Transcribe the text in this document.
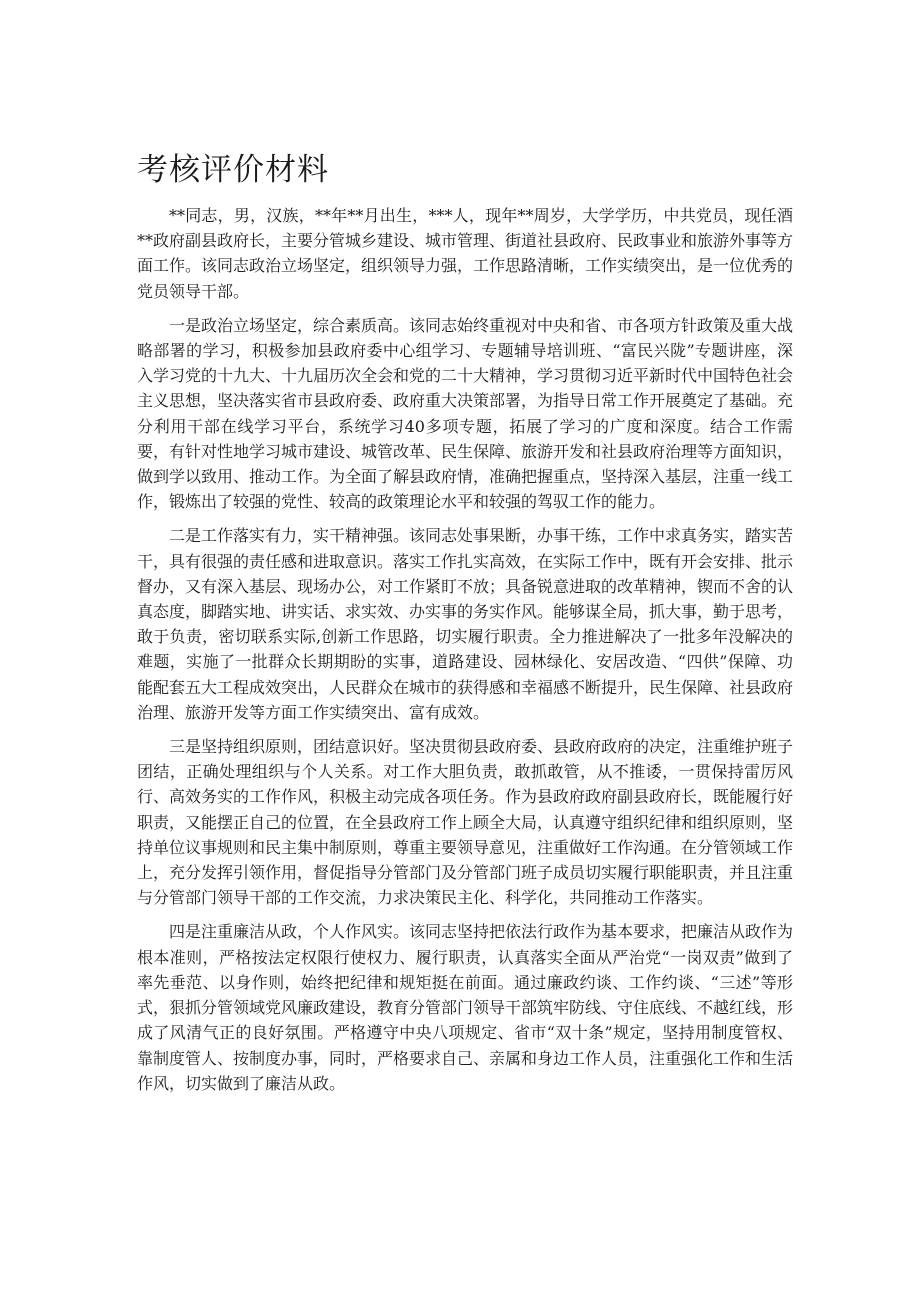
考核评价材料

**同志，男，汉族，**年**月出生，***人，现年**周岁，大学学历，中共党员，现任酒**政府副县政府长，主要分管城乡建设、城市管理、街道社县政府、民政事业和旅游外事等方面工作。该同志政治立场坚定，组织领导力强，工作思路清晰，工作实绩突出，是一位优秀的党员领导干部。

一是政治立场坚定，综合素质高。该同志始终重视对中央和省、市各项方针政策及重大战略部署的学习，积极参加县政府委中心组学习、专题辅导培训班、“富民兴陇”专题讲座，深入学习党的十九大、十九届历次全会和党的二十大精神，学习贯彻习近平新时代中国特色社会主义思想，坚决落实省市县政府委、政府重大决策部署，为指导日常工作开展奠定了基础。充分利用干部在线学习平台，系统学习40多项专题，拓展了学习的广度和深度。结合工作需要，有针对性地学习城市建设、城管改革、民生保障、旅游开发和社县政府治理等方面知识，做到学以致用、推动工作。为全面了解县政府情，准确把握重点，坚持深入基层，注重一线工作，锻炼出了较强的党性、较高的政策理论水平和较强的驾驭工作的能力。

二是工作落实有力，实干精神强。该同志处事果断，办事干练，工作中求真务实，踏实苦干，具有很强的责任感和进取意识。落实工作扎实高效，在实际工作中，既有开会安排、批示督办，又有深入基层、现场办公，对工作紧盯不放；具备锐意进取的改革精神，锲而不舍的认真态度，脚踏实地、讲实话、求实效、办实事的务实作风。能够谋全局，抓大事，勤于思考，敢于负责，密切联系实际,创新工作思路，切实履行职责。全力推进解决了一批多年没解决的难题，实施了一批群众长期期盼的实事，道路建设、园林绿化、安居改造、“四供”保障、功能配套五大工程成效突出，人民群众在城市的获得感和幸福感不断提升，民生保障、社县政府治理、旅游开发等方面工作实绩突出、富有成效。

三是坚持组织原则，团结意识好。坚决贯彻县政府委、县政府政府的决定，注重维护班子团结，正确处理组织与个人关系。对工作大胆负责，敢抓敢管，从不推诿，一贯保持雷厉风行、高效务实的工作作风，积极主动完成各项任务。作为县政府政府副县政府长，既能履行好职责，又能摆正自己的位置，在全县政府工作上顾全大局，认真遵守组织纪律和组织原则，坚持单位议事规则和民主集中制原则，尊重主要领导意见，注重做好工作沟通。在分管领域工作上，充分发挥引领作用，督促指导分管部门及分管部门班子成员切实履行职能职责，并且注重与分管部门领导干部的工作交流，力求决策民主化、科学化，共同推动工作落实。

四是注重廉洁从政，个人作风实。该同志坚持把依法行政作为基本要求，把廉洁从政作为根本准则，严格按法定权限行使权力、履行职责，认真落实全面从严治党“一岗双责”做到了率先垂范、以身作则，始终把纪律和规矩挺在前面。通过廉政约谈、工作约谈、“三述”等形式，狠抓分管领域党风廉政建设，教育分管部门领导干部筑牢防线、守住底线、不越红线，形成了风清气正的良好氛围。严格遵守中央八项规定、省市“双十条”规定，坚持用制度管权、靠制度管人、按制度办事，同时，严格要求自己、亲属和身边工作人员，注重强化工作和生活作风，切实做到了廉洁从政。
